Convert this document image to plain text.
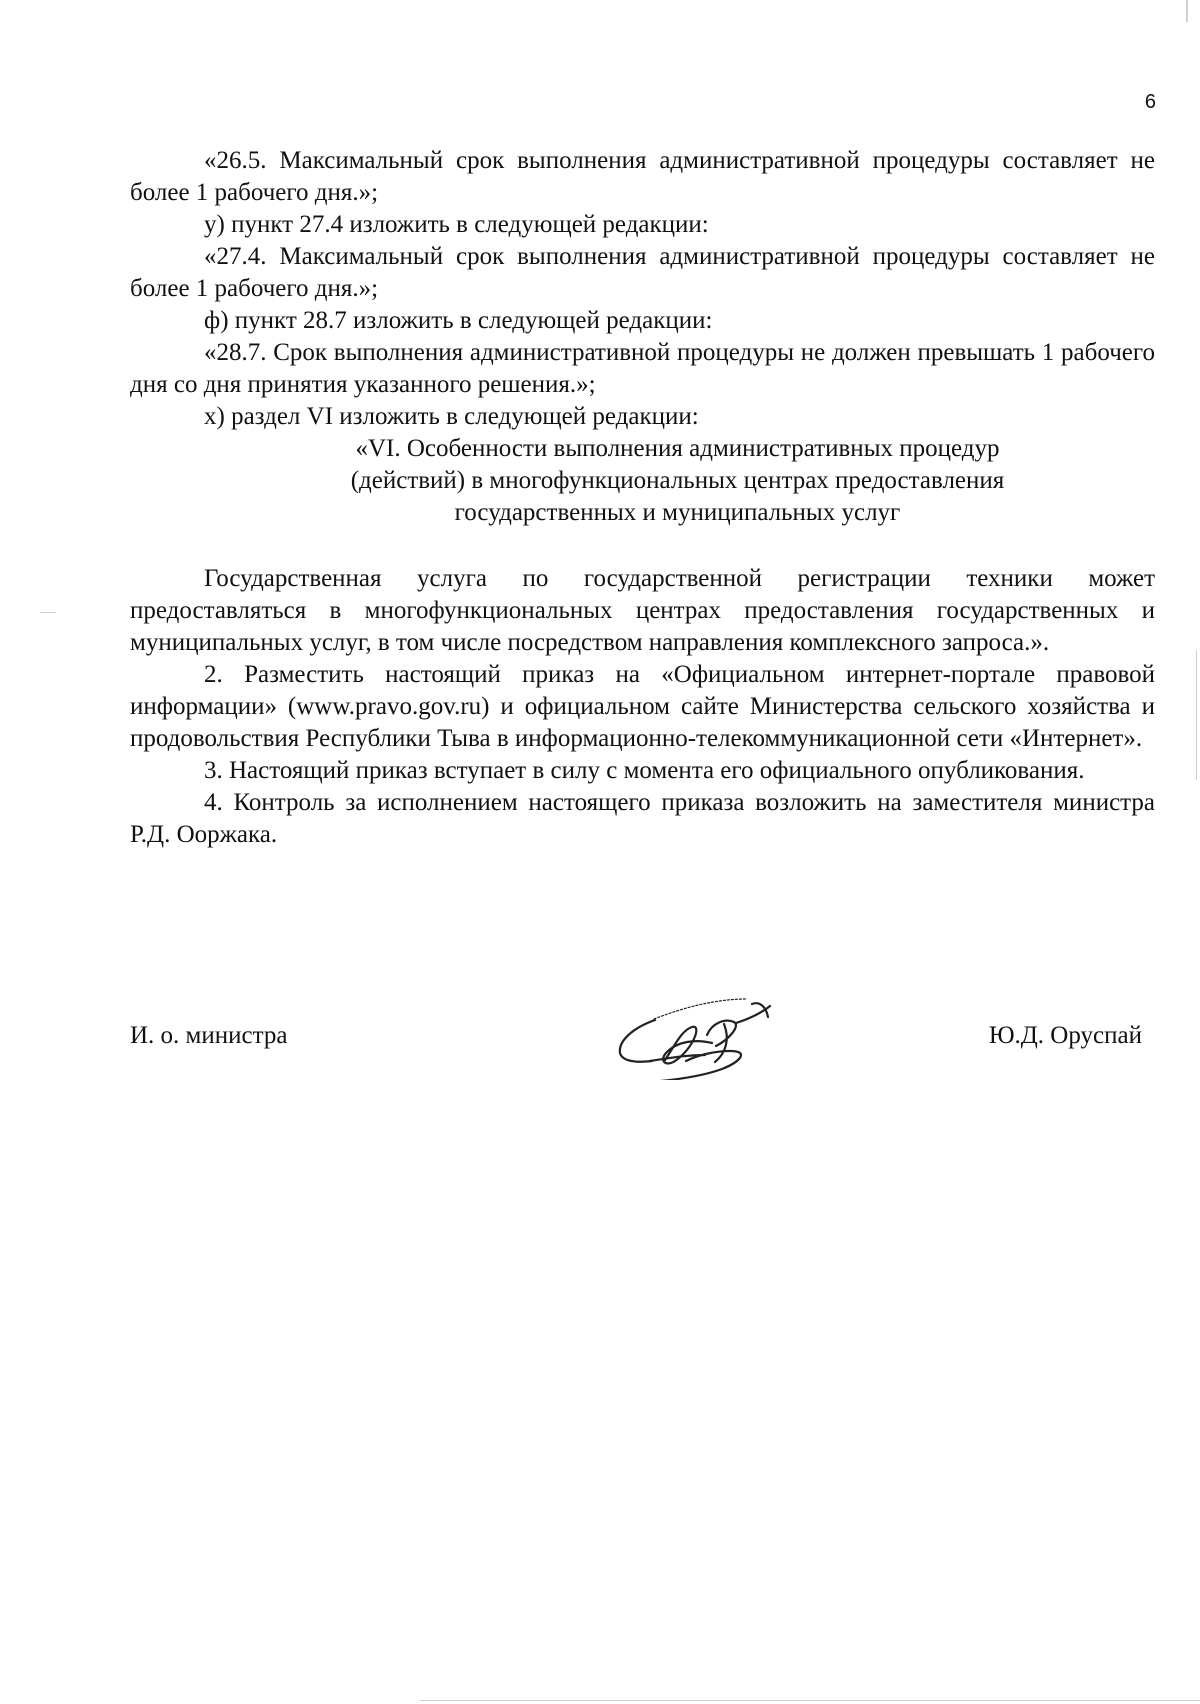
6

«26.5. Максимальный срок выполнения административной процедуры составляет не более 1 рабочего дня.»;

у) пункт 27.4 изложить в следующей редакции:

«27.4. Максимальный срок выполнения административной процедуры составляет не более 1 рабочего дня.»;

ф) пункт 28.7 изложить в следующей редакции:

«28.7. Срок выполнения административной процедуры не должен превышать 1 рабочего дня со дня принятия указанного решения.»;

х) раздел VI изложить в следующей редакции:

«VI. Особенности выполнения административных процедур
(действий) в многофункциональных центрах предоставления
государственных и муниципальных услуг

Государственная услуга по государственной регистрации техники может предоставляться в многофункциональных центрах предоставления государственных и муниципальных услуг, в том числе посредством направления комплексного запроса.».

2. Разместить настоящий приказ на «Официальном интернет-портале правовой информации» (www.pravo.gov.ru) и официальном сайте Министерства сельского хозяйства и продовольствия Республики Тыва в информационно-телекоммуникационной сети «Интернет».

3. Настоящий приказ вступает в силу с момента его официального опубликования.

4. Контроль за исполнением настоящего приказа возложить на заместителя министра Р.Д. Ооржака.

И. о. министра	Ю.Д. Оруспай
